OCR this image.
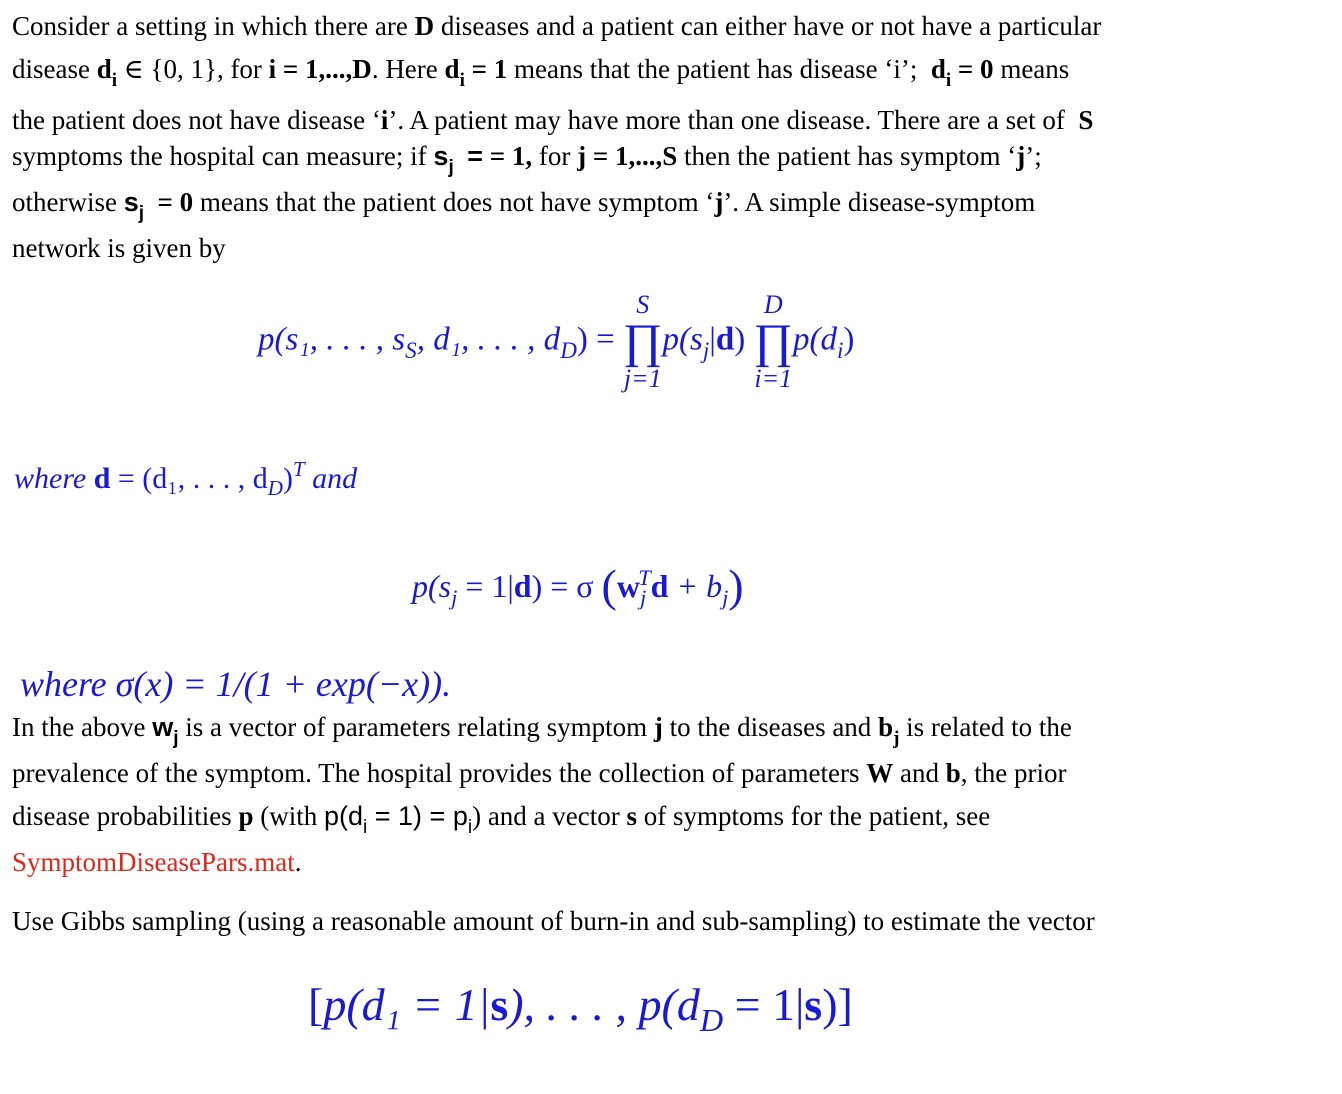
Consider a setting in which there are D diseases and a patient can either have or not have a particular

disease $d_i$ ∈ {0, 1}, for i = 1,...,D. Here $d_i = 1$ means that the patient has disease ‘i’; $d_i = 0$ means

the patient does not have disease ‘i’. A patient may have more than one disease. There are a set of S

symptoms the hospital can measure; if $s_j$ = = 1, for j = 1,...,S then the patient has symptom ‘j’;

otherwise $s_j = 0$ means that the patient does not have symptom ‘j’. A simple disease-symptom

network is given by

p(s₁, . . . , $s_S$, d₁, . . . , $d_D$) =
S
∏
j=1
$p(s_j|d)$
D
∏
i=1
$p(d_i)$
where d = (d₁, . . . , $d_D)^T$ and
$p(s_j = 1|d) = \sigma$ $(w_j^Td + b_j)$
where σ(x) = 1/(1 + exp(−x)).

In the above $w_j$ is a vector of parameters relating symptom j to the diseases and $b_j$ is related to the

prevalence of the symptom. The hospital provides the collection of parameters W and b, the prior

disease probabilities p (with $p(d_i = 1) = p_i$) and a vector s of symptoms for the patient, see

SymptomDiseasePars.mat.

Use Gibbs sampling (using a reasonable amount of burn-in and sub-sampling) to estimate the vector

[p(d₁ = 1|s), . . . , $p(d_D = 1|s)$]
